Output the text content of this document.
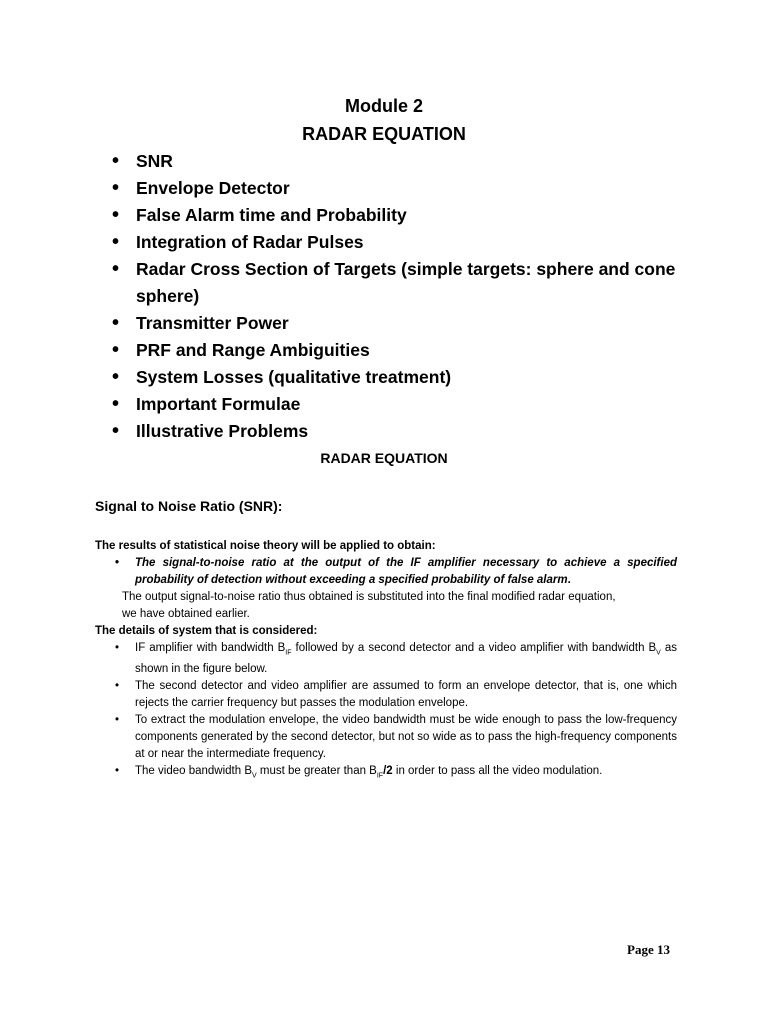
Module 2
RADAR EQUATION
• SNR
• Envelope Detector
• False Alarm time and Probability
• Integration of Radar Pulses
• Radar Cross Section of Targets (simple targets: sphere and cone sphere)
• Transmitter Power
• PRF and Range Ambiguities
• System Losses (qualitative treatment)
• Important Formulae
• Illustrative Problems
RADAR EQUATION
Signal to Noise Ratio (SNR):
The results of statistical noise theory will be applied to obtain:
• The signal-to-noise ratio at the output of the IF amplifier necessary to achieve a specified probability of detection without exceeding a specified probability of false alarm.
The output signal-to-noise ratio thus obtained is substituted into the final modified radar equation,
we have obtained earlier.
The details of system that is considered:
• IF amplifier with bandwidth $B_{IF}$ followed by a second detector and a video amplifier with bandwidth $B_V$ as shown in the figure below.
• The second detector and video amplifier are assumed to form an envelope detector, that is, one which rejects the carrier frequency but passes the modulation envelope.
• To extract the modulation envelope, the video bandwidth must be wide enough to pass the low-frequency components generated by the second detector, but not so wide as to pass the high-frequency components at or near the intermediate frequency.
• The video bandwidth $B_V$ must be greater than $B_{IF}/2$ in order to pass all the video modulation.
Page 13
